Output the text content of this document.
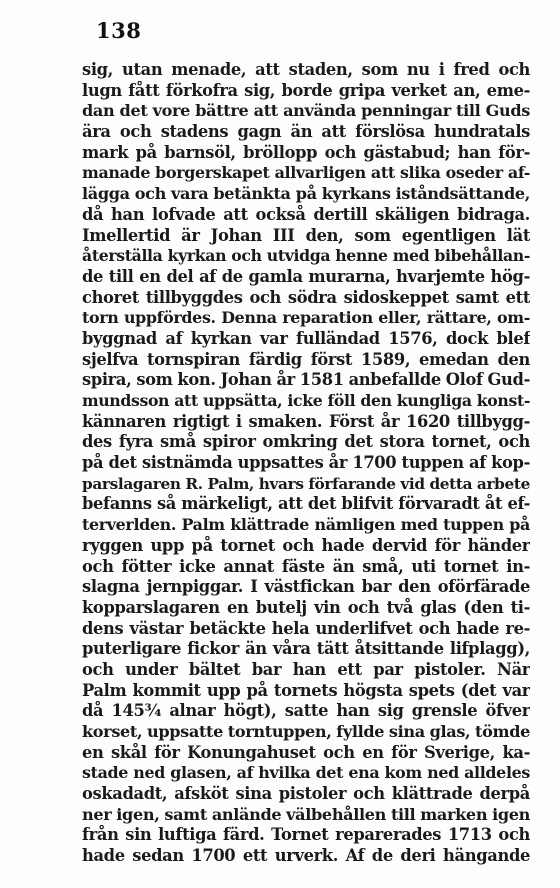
138
sig, utan menade, att staden, som nu i fred och
lugn fått förkofra sig, borde gripa verket an, eme-
dan det vore bättre att använda penningar till Guds
ära och stadens gagn än att förslösa hundratals
mark på barnsöl, bröllopp och gästabud; han för-
manade borgerskapet allvarligen att slika oseder af-
lägga och vara betänkta på kyrkans iståndsättande,
då han lofvade att också dertill skäligen bidraga.
Imellertid är Johan III den, som egentligen lät
återställa kyrkan och utvidga henne med bibehållan-
de till en del af de gamla murarna, hvarjemte hög-
choret tillbyggdes och södra sidoskeppet samt ett
torn uppfördes. Denna reparation eller, rättare, om-
byggnad af kyrkan var fulländad 1576, dock blef
sjelfva tornspiran färdig först 1589, emedan den
spira, som kon. Johan år 1581 anbefallde Olof Gud-
mundsson att uppsätta, icke föll den kungliga konst-
kännaren rigtigt i smaken. Först år 1620 tillbygg-
des fyra små spiror omkring det stora tornet, och
på det sistnämda uppsattes år 1700 tuppen af kop-
parslagaren R. Palm, hvars förfarande vid detta arbete
befanns så märkeligt, att det blifvit förvaradt åt ef-
terverlden. Palm klättrade nämligen med tuppen på
ryggen upp på tornet och hade dervid för händer
och fötter icke annat fäste än små, uti tornet in-
slagna jernpiggar. I västfickan bar den oförfärade
kopparslagaren en butelj vin och två glas (den ti-
dens västar betäckte hela underlifvet och hade re-
puterligare fickor än våra tätt åtsittande lifplagg),
och under bältet bar han ett par pistoler. När
Palm kommit upp på tornets högsta spets (det var
då 145¾ alnar högt), satte han sig grensle öfver
korset, uppsatte torntuppen, fyllde sina glas, tömde
en skål för Konungahuset och en för Sverige, ka-
stade ned glasen, af hvilka det ena kom ned alldeles
oskadadt, afsköt sina pistoler och klättrade derpå
ner igen, samt anlände välbehållen till marken igen
från sin luftiga färd. Tornet reparerades 1713 och
hade sedan 1700 ett urverk. Af de deri hängande
